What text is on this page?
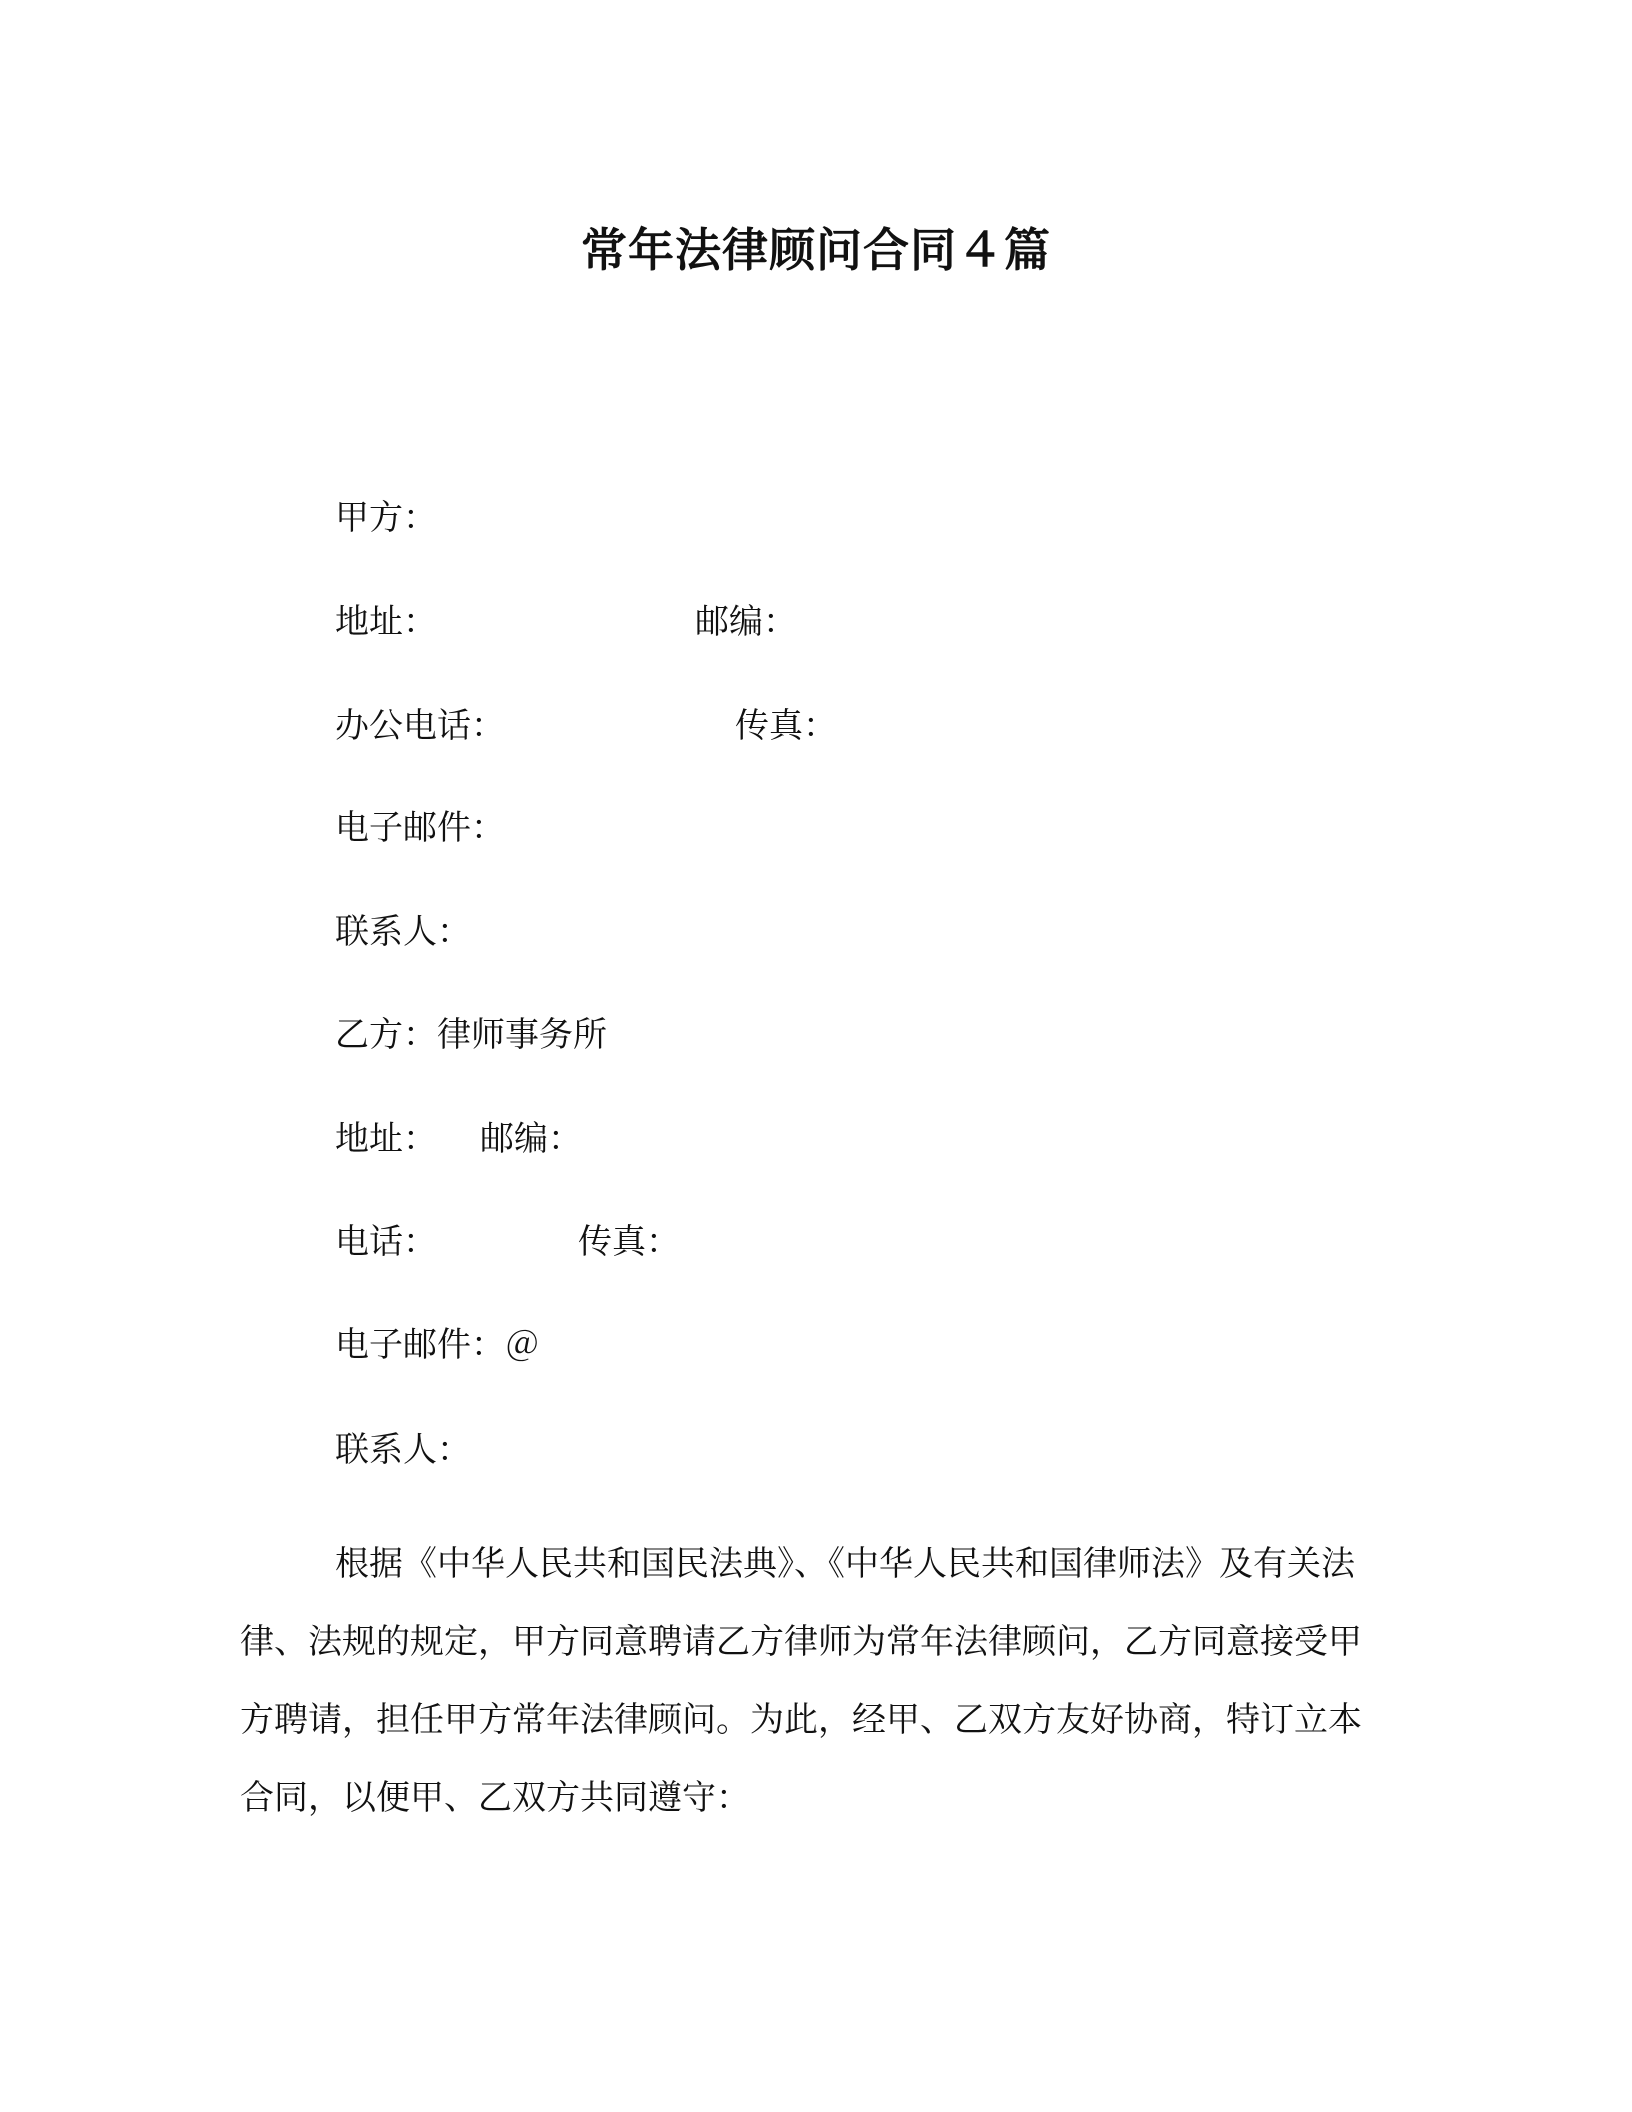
常年法律顾问合同４篇
甲方：
地址：	邮编：
办公电话：	传真：
电子邮件：
联系人：
乙方：律师事务所
地址： 邮编：
电话：	传真：
电子邮件：＠
联系人：

根据《中华人民共和国民法典》、《中华人民共和国律师法》及有关法律、法规的规定，甲方同意聘请乙方律师为常年法律顾问，乙方同意接受甲方聘请，担任甲方常年法律顾问。为此，经甲、乙双方友好协商，特订立本合同，以便甲、乙双方共同遵守：
